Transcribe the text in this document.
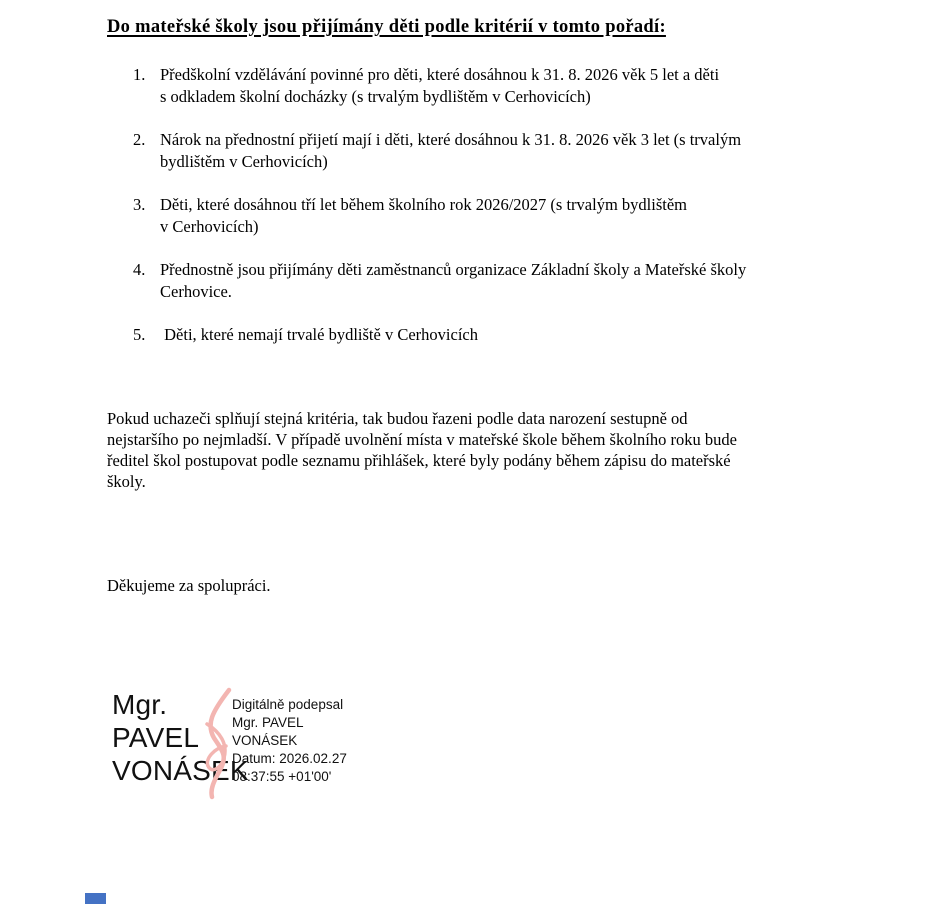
Do mateřské školy jsou přijímány děti podle kritérií v tomto pořadí:
1. Předškolní vzdělávání povinné pro děti, které dosáhnou k 31. 8. 2026 věk 5 let a děti
s odkladem školní docházky (s trvalým bydlištěm v Cerhovicích)
2. Nárok na přednostní přijetí mají i děti, které dosáhnou k 31. 8. 2026 věk 3 let (s trvalým
bydlištěm v Cerhovicích)
3. Děti, které dosáhnou tří let během školního rok 2026/2027 (s trvalým bydlištěm
v Cerhovicích)
4. Přednostně jsou přijímány děti zaměstnanců organizace Základní školy a Mateřské školy
Cerhovice.
5. Děti, které nemají trvalé bydliště v Cerhovicích
Pokud uchazeči splňují stejná kritéria, tak budou řazeni podle data narození sestupně od
nejstaršího po nejmladší. V případě uvolnění místa v mateřské škole během školního roku bude
ředitel škol postupovat podle seznamu přihlášek, které byly podány během zápisu do mateřské
školy.
Děkujeme za spolupráci.
Mgr.
PAVEL
VONÁSEK
Digitálně podepsal
Mgr. PAVEL
VONÁSEK
Datum: 2026.02.27
08:37:55 +01'00'
